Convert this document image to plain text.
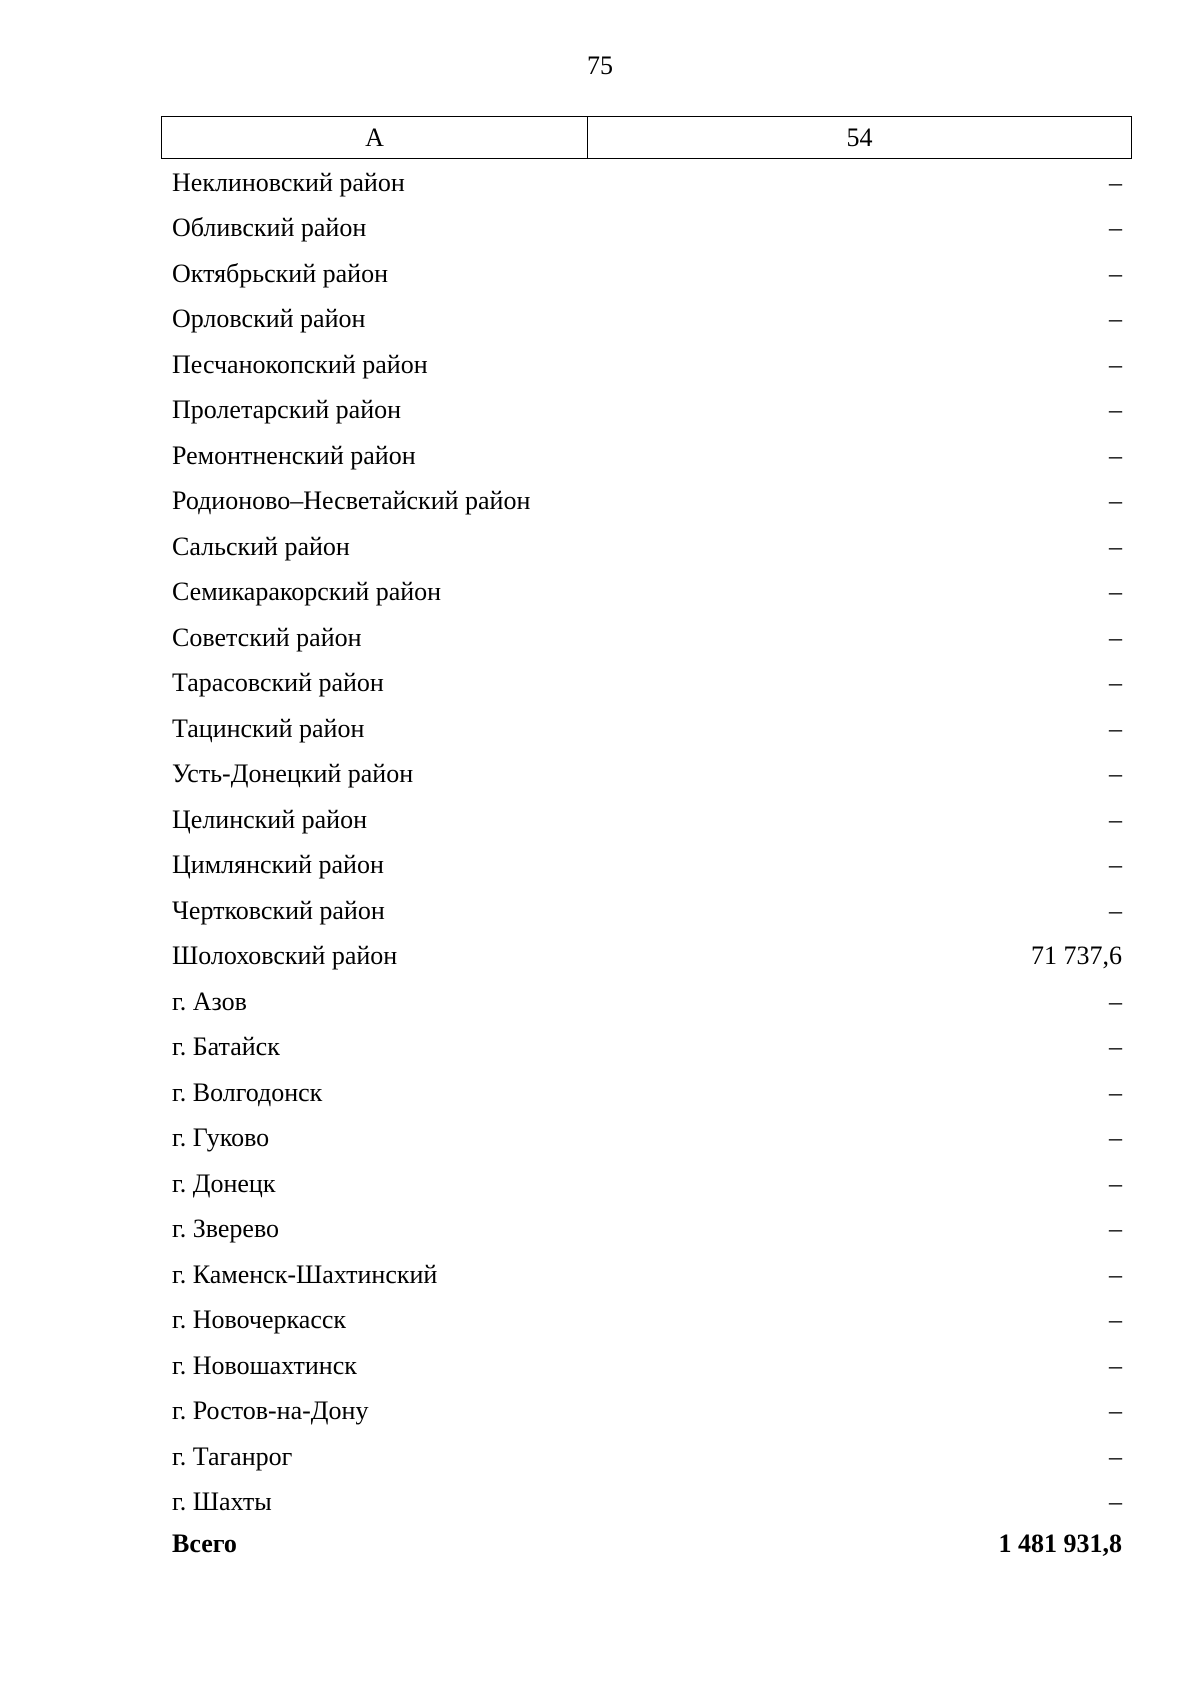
75
А	54
Неклиновский район	–
Обливский район	–
Октябрьский район	–
Орловский район	–
Песчанокопский район	–
Пролетарский район	–
Ремонтненский район	–
Родионово–Несветайский район	–
Сальский район	–
Семикаракорский район	–
Советский район	–
Тарасовский район	–
Тацинский район	–
Усть-Донецкий район	–
Целинский район	–
Цимлянский район	–
Чертковский район	–
Шолоховский район	71 737,6
г. Азов	–
г. Батайск	–
г. Волгодонск	–
г. Гуково	–
г. Донецк	–
г. Зверево	–
г. Каменск-Шахтинский	–
г. Новочеркасск	–
г. Новошахтинск	–
г. Ростов-на-Дону	–
г. Таганрог	–
г. Шахты	–
Всего	1 481 931,8
